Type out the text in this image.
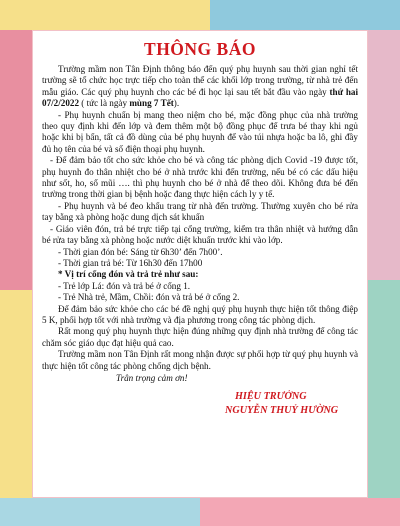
THÔNG BÁO

Trường mầm non Tân Định thông báo đến quý phụ huynh sau thời gian nghỉ tết trường sẽ tổ chức học trực tiếp cho toàn thể các khối lớp trong trường, từ nhà trẻ đến mẫu giáo. Các quý phụ huynh cho các bé đi học lại sau tết bắt đầu vào ngày thứ hai 07/2/2022 ( tức là ngày mùng 7 Tết).

- Phụ huynh chuẩn bị mang theo niệm cho bé, mặc đồng phục của nhà trường theo quy định khi đến lớp và đem thêm một bộ đồng phục để trưa bé thay khi ngủ hoặc khi bị bẩn, tất cả đồ dùng của bé phụ huynh để vào túi nhựa hoặc ba lô, ghi đầy đủ họ tên của bé và số điện thoại phụ huynh.

- Để đảm bảo tốt cho sức khỏe cho bé và công tác phòng dịch Covid -19 được tốt, phụ huynh đo thân nhiệt cho bé ở nhà trước khi đến trường, nếu bé có các dấu hiệu như sốt, ho, sổ mũi …. thì phụ huynh cho bé ở nhà để theo dõi. Không đưa bé đến trường trong thời gian bị bệnh hoặc đang thực hiện cách ly y tế.

- Phụ huynh và bé đeo khẩu trang từ nhà đến trường. Thường xuyên cho bé rửa tay bằng xà phòng hoặc dung dịch sát khuẩn

- Giáo viên đón, trả bé trực tiếp tại cổng trường, kiểm tra thân nhiệt và hướng dẫn bé rửa tay bằng xà phòng hoặc nước diệt khuẩn trước khi vào lớp.

- Thời gian đón bé: Sáng từ 6h30’ đến 7h00’.

- Thời gian trả bé: Từ 16h30 đến 17h00

* Vị trí cổng đón và trả trẻ như sau:

- Trẻ lớp Lá: đón và trả bé ở cổng 1.

- Trẻ Nhà trẻ, Mầm, Chồi: đón và trả bé ở cổng 2.

Để đảm bảo sức khỏe cho các bé đề nghị quý phụ huynh thực hiện tốt thông điệp 5 K, phối hợp tốt với nhà trường và địa phương trong công tác phòng dịch.

Rất mong quý phụ huynh thực hiện đúng những quy định nhà trường để công tác chăm sóc giáo dục đạt hiệu quả cao.

Trường mầm non Tân Định rất mong nhận được sự phối hợp từ quý phụ huynh và thực hiện tốt công tác phòng chống dịch bệnh.

Trân trọng cảm ơn!

HIỆU TRƯỞNG
NGUYỄN THUỶ HƯỜNG
